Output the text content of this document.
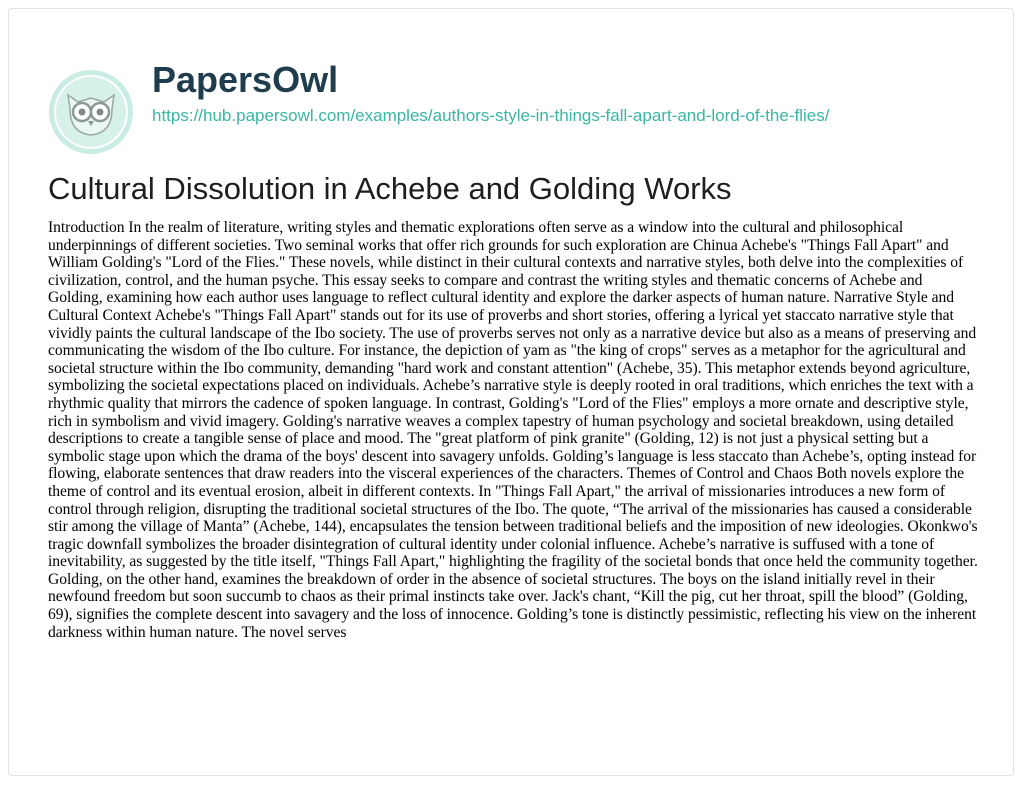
PapersOwl
https://hub.papersowl.com/examples/authors-style-in-things-fall-apart-and-lord-of-the-flies/
Cultural Dissolution in Achebe and Golding Works

Introduction In the realm of literature, writing styles and thematic explorations often serve as a window into the cultural and philosophical underpinnings of different societies. Two seminal works that offer rich grounds for such exploration are Chinua Achebe's "Things Fall Apart" and William Golding's "Lord of the Flies." These novels, while distinct in their cultural contexts and narrative styles, both delve into the complexities of civilization, control, and the human psyche. This essay seeks to compare and contrast the writing styles and thematic concerns of Achebe and Golding, examining how each author uses language to reflect cultural identity and explore the darker aspects of human nature. Narrative Style and Cultural Context Achebe's "Things Fall Apart" stands out for its use of proverbs and short stories, offering a lyrical yet staccato narrative style that vividly paints the cultural landscape of the Ibo society. The use of proverbs serves not only as a narrative device but also as a means of preserving and communicating the wisdom of the Ibo culture. For instance, the depiction of yam as "the king of crops" serves as a metaphor for the agricultural and societal structure within the Ibo community, demanding "hard work and constant attention" (Achebe, 35). This metaphor extends beyond agriculture, symbolizing the societal expectations placed on individuals. Achebe’s narrative style is deeply rooted in oral traditions, which enriches the text with a rhythmic quality that mirrors the cadence of spoken language. In contrast, Golding's "Lord of the Flies" employs a more ornate and descriptive style, rich in symbolism and vivid imagery. Golding's narrative weaves a complex tapestry of human psychology and societal breakdown, using detailed descriptions to create a tangible sense of place and mood. The "great platform of pink granite" (Golding, 12) is not just a physical setting but a symbolic stage upon which the drama of the boys' descent into savagery unfolds. Golding’s language is less staccato than Achebe’s, opting instead for flowing, elaborate sentences that draw readers into the visceral experiences of the characters. Themes of Control and Chaos Both novels explore the theme of control and its eventual erosion, albeit in different contexts. In "Things Fall Apart," the arrival of missionaries introduces a new form of control through religion, disrupting the traditional societal structures of the Ibo. The quote, “The arrival of the missionaries has caused a considerable stir among the village of Manta” (Achebe, 144), encapsulates the tension between traditional beliefs and the imposition of new ideologies. Okonkwo's tragic downfall symbolizes the broader disintegration of cultural identity under colonial influence. Achebe’s narrative is suffused with a tone of inevitability, as suggested by the title itself, "Things Fall Apart," highlighting the fragility of the societal bonds that once held the community together. Golding, on the other hand, examines the breakdown of order in the absence of societal structures. The boys on the island initially revel in their newfound freedom but soon succumb to chaos as their primal instincts take over. Jack's chant, “Kill the pig, cut her throat, spill the blood” (Golding, 69), signifies the complete descent into savagery and the loss of innocence. Golding’s tone is distinctly pessimistic, reflecting his view on the inherent darkness within human nature. The novel serves
